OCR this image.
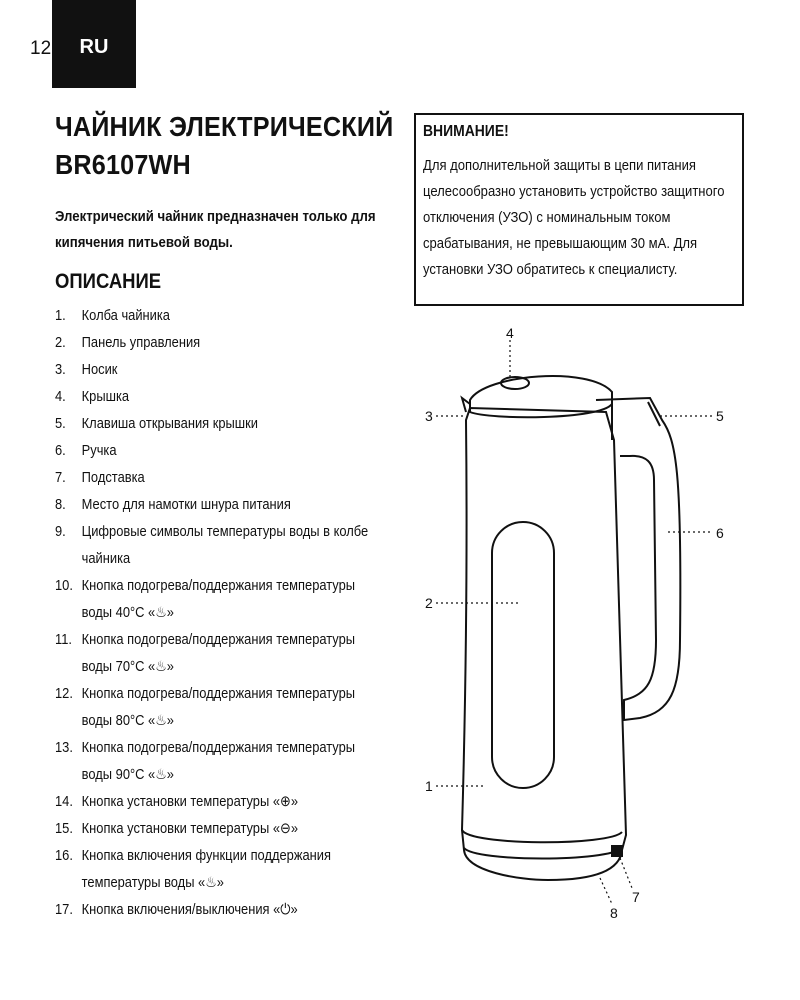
12 RU
ЧАЙНИК ЭЛЕКТРИЧЕСКИЙ
BR6107WH

Электрический чайник предназначен только для кипячения питьевой воды.

ОПИСАНИЕ
1.	Колба чайника
2.	Панель управления
3.	Носик
4.	Крышка
5.	Клавиша открывания крышки
6.	Ручка
7.	Подставка
8.	Место для намотки шнура питания
9.	Цифровые символы температуры воды в колбе чайника
10. Кнопка подогрева/поддержания температуры воды 40°C «♨»
11. Кнопка подогрева/поддержания температуры воды 70°C «♨»
12. Кнопка подогрева/поддержания температуры воды 80°C «♨»
13. Кнопка подогрева/поддержания температуры воды 90°C «♨»
14. Кнопка установки температуры «⊕»
15. Кнопка установки температуры «⊖»
16. Кнопка включения функции поддержания температуры воды «♨»
17. Кнопка включения/выключения «⏻»

ВНИМАНИЕ!

Для дополнительной защиты в цепи питания целесообразно установить устройство защитного отключения (УЗО) с номинальным током срабатывания, не превышающим 30 мА. Для установки УЗО обратитесь к специалисту.

4
3	5
6
2
1
7
8
